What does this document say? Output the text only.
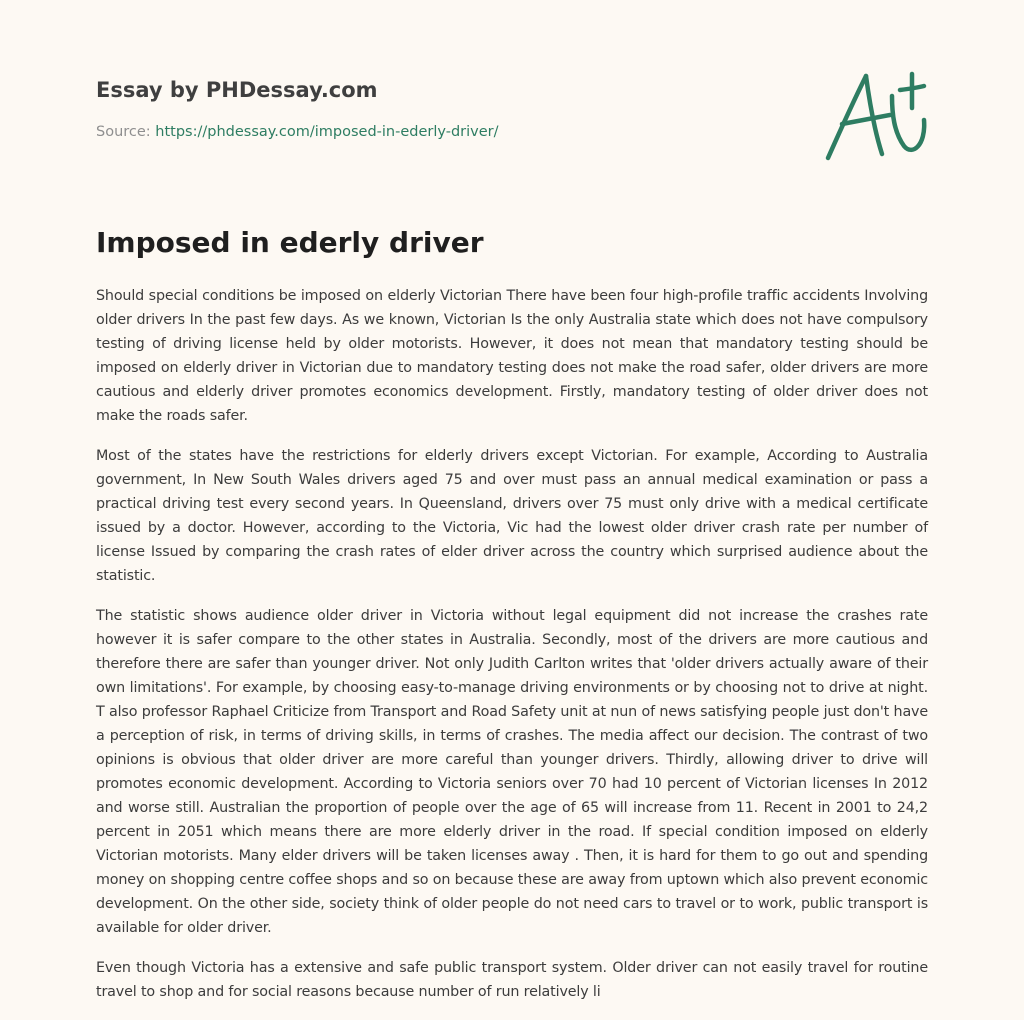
Essay by PHDessay.com
Source: https://phdessay.com/imposed-in-ederly-driver/
Imposed in ederly driver

Should special conditions be imposed on elderly Victorian There have been four high-profile traffic accidents Involving older drivers In the past few days. As we known, Victorian Is the only Australia state which does not have compulsory testing of driving license held by older motorists. However, it does not mean that mandatory testing should be imposed on elderly driver in Victorian due to mandatory testing does not make the road safer, older drivers are more cautious and elderly driver promotes economics development. Firstly, mandatory testing of older driver does not make the roads safer.

Most of the states have the restrictions for elderly drivers except Victorian. For example, According to Australia government, In New South Wales drivers aged 75 and over must pass an annual medical examination or pass a practical driving test every second years. In Queensland, drivers over 75 must only drive with a medical certificate issued by a doctor. However, according to the Victoria, Vic had the lowest older driver crash rate per number of license Issued by comparing the crash rates of elder driver across the country which surprised audience about the statistic.

The statistic shows audience older driver in Victoria without legal equipment did not increase the crashes rate however it is safer compare to the other states in Australia. Secondly, most of the drivers are more cautious and therefore there are safer than younger driver. Not only Judith Carlton writes that 'older drivers actually aware of their own limitations'. For example, by choosing easy-to-manage driving environments or by choosing not to drive at night. T also professor Raphael Criticize from Transport and Road Safety unit at nun of news satisfying people just don't have a perception of risk, in terms of driving skills, in terms of crashes. The media affect our decision. The contrast of two opinions is obvious that older driver are more careful than younger drivers. Thirdly, allowing driver to drive will promotes economic development. According to Victoria seniors over 70 had 10 percent of Victorian licenses In 2012 and worse still. Australian the proportion of people over the age of 65 will increase from 11. Recent in 2001 to 24,2 percent in 2051 which means there are more elderly driver in the road. If special condition imposed on elderly Victorian motorists. Many elder drivers will be taken licenses away . Then, it is hard for them to go out and spending money on shopping centre coffee shops and so on because these are away from uptown which also prevent economic development. On the other side, society think of older people do not need cars to travel or to work, public transport is available for older driver.

Even though Victoria has a extensive and safe public transport system. Older driver can not easily travel for routine travel to shop and for social reasons because number of run relatively li
